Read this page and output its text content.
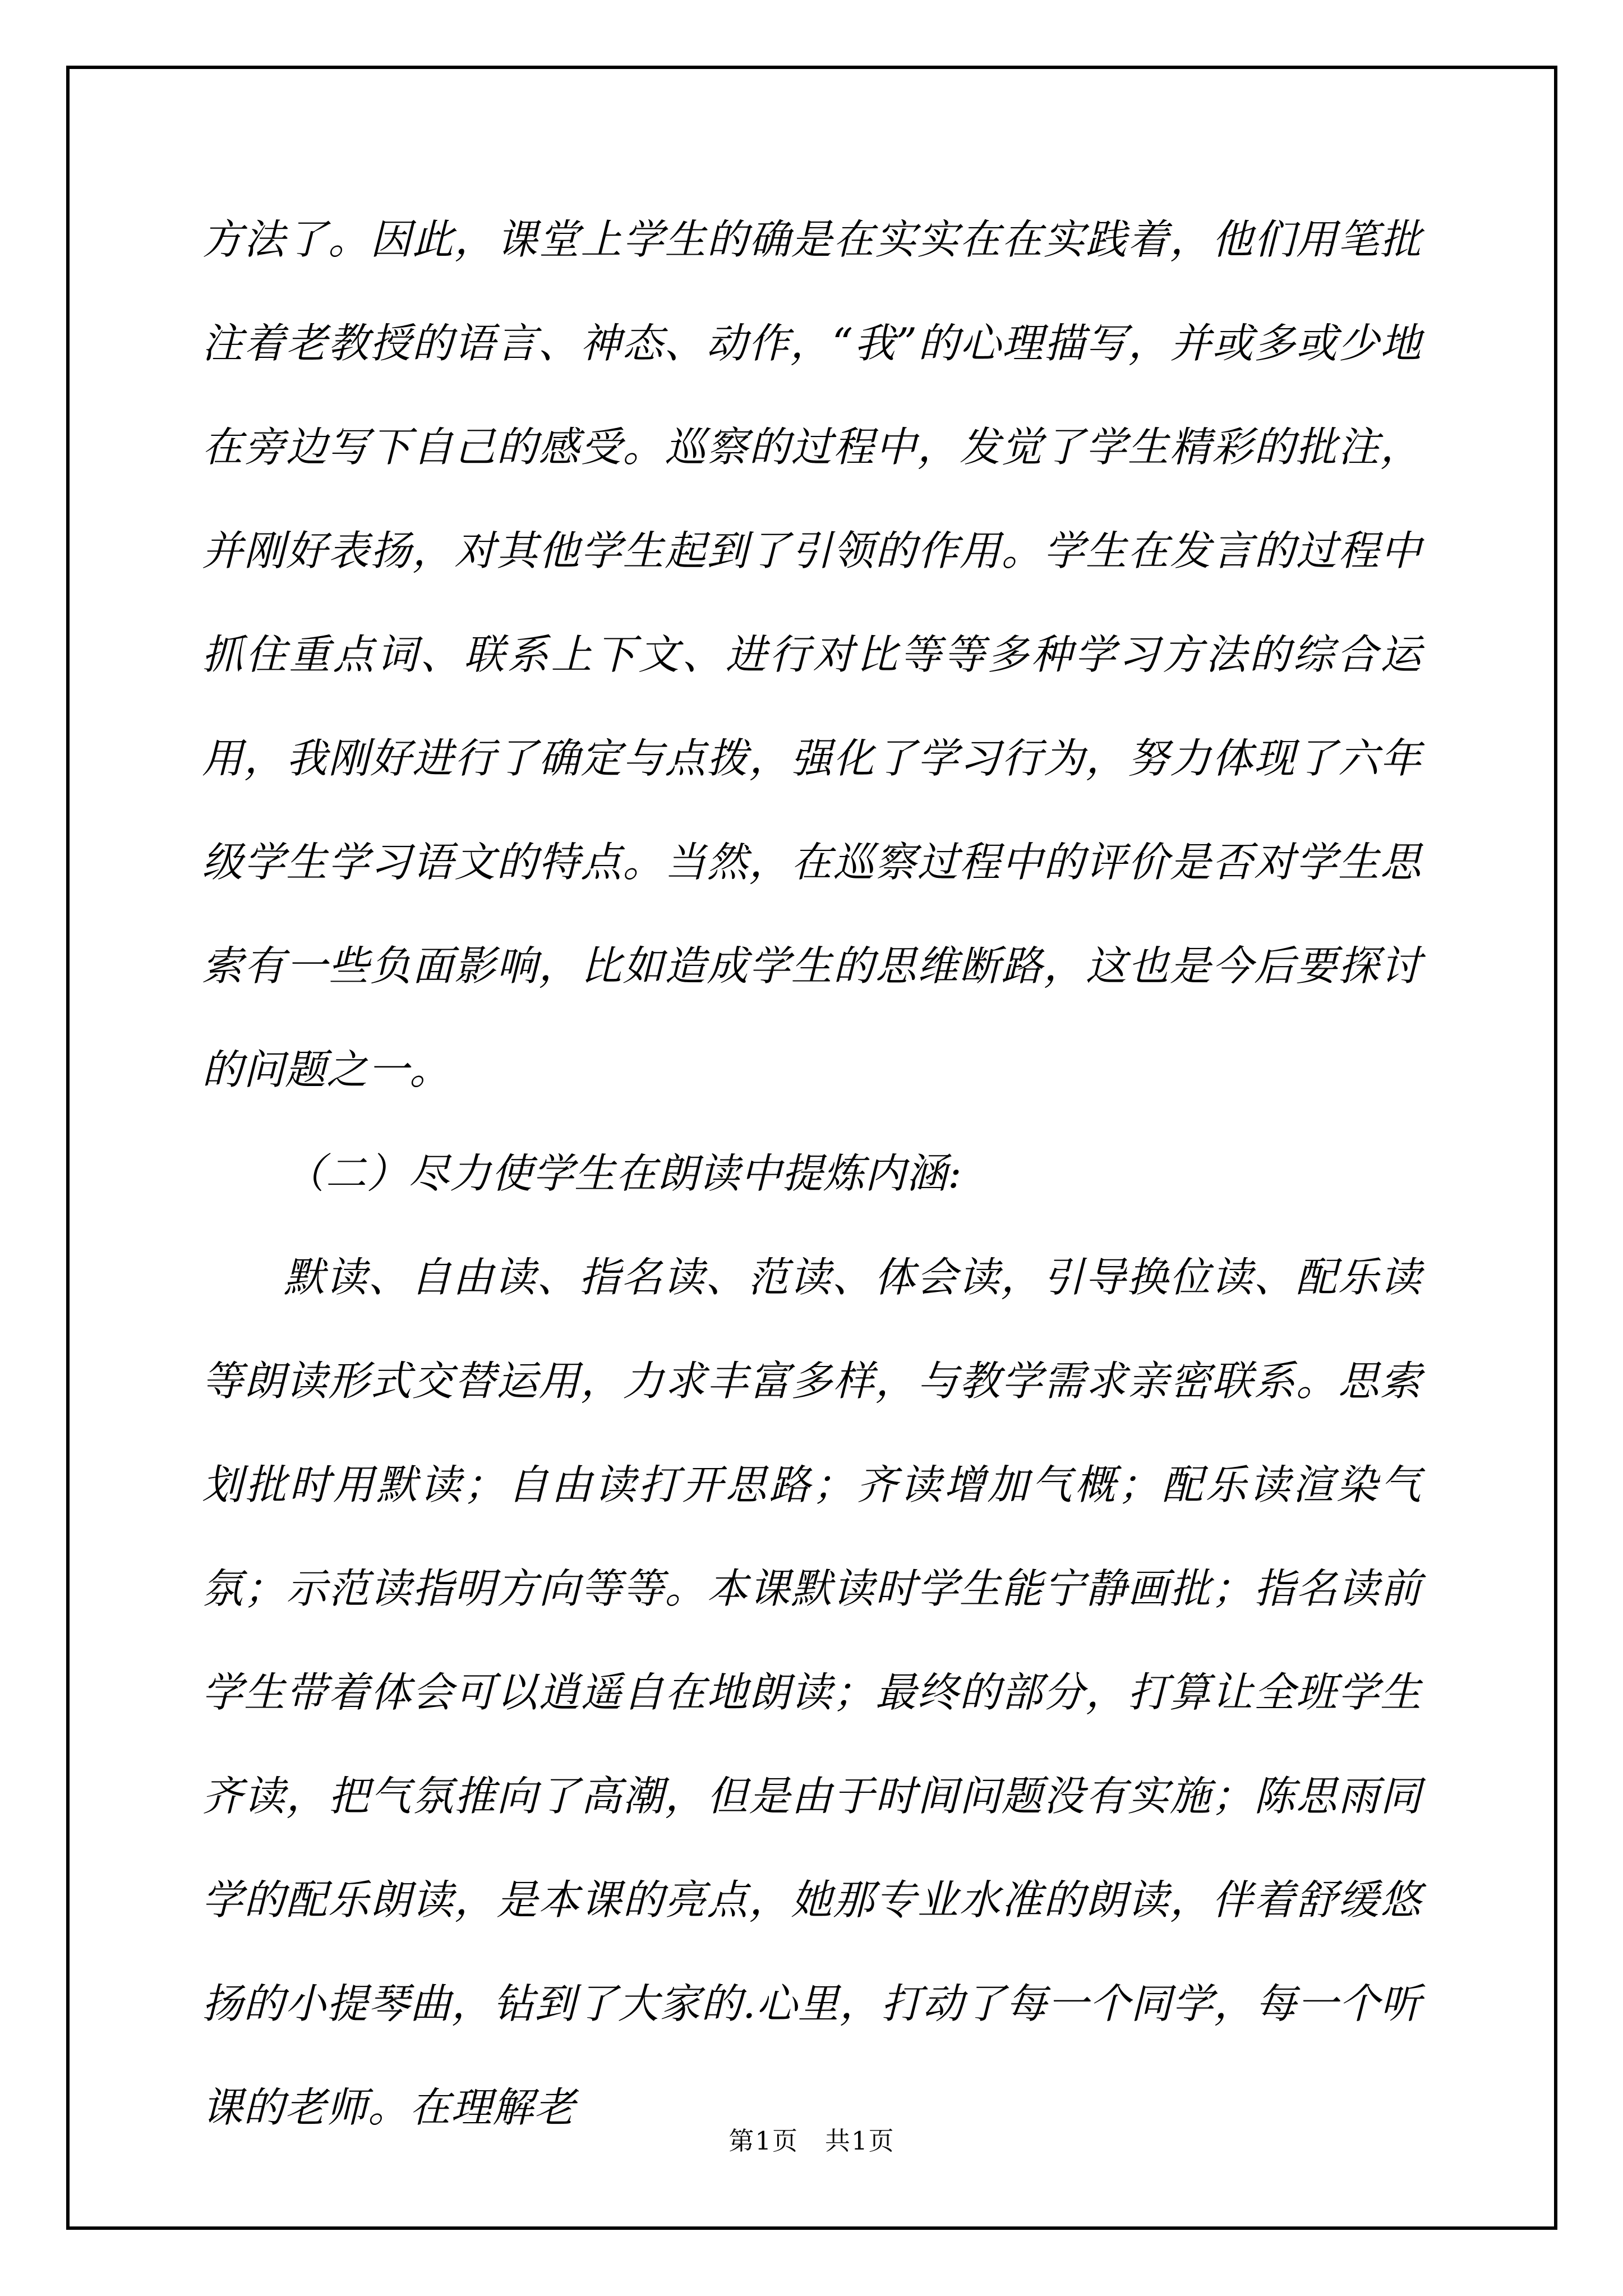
方法了。因此，课堂上学生的确是在实实在在实践着，他们用笔批注着老教授的语言、神态、动作，“我”的心理描写，并或多或少地在旁边写下自己的感受。巡察的过程中，发觉了学生精彩的批注，并刚好表扬，对其他学生起到了引领的作用。学生在发言的过程中抓住重点词、联系上下文、进行对比等等多种学习方法的综合运用，我刚好进行了确定与点拨，强化了学习行为，努力体现了六年级学生学习语文的特点。当然，在巡察过程中的评价是否对学生思索有一些负面影响，比如造成学生的思维断路，这也是今后要探讨的问题之一。

（二）尽力使学生在朗读中提炼内涵:

默读、自由读、指名读、范读、体会读，引导换位读、配乐读等朗读形式交替运用，力求丰富多样，与教学需求亲密联系。思索划批时用默读；自由读打开思路；齐读增加气概；配乐读渲染气氛；示范读指明方向等等。本课默读时学生能宁静画批；指名读前学生带着体会可以逍遥自在地朗读；最终的部分，打算让全班学生齐读，把气氛推向了高潮，但是由于时间问题没有实施；陈思雨同学的配乐朗读，是本课的亮点，她那专业水准的朗读，伴着舒缓悠扬的小提琴曲，钻到了大家的.心里，打动了每一个同学，每一个听课的老师。在理解老

第1页　共1页
